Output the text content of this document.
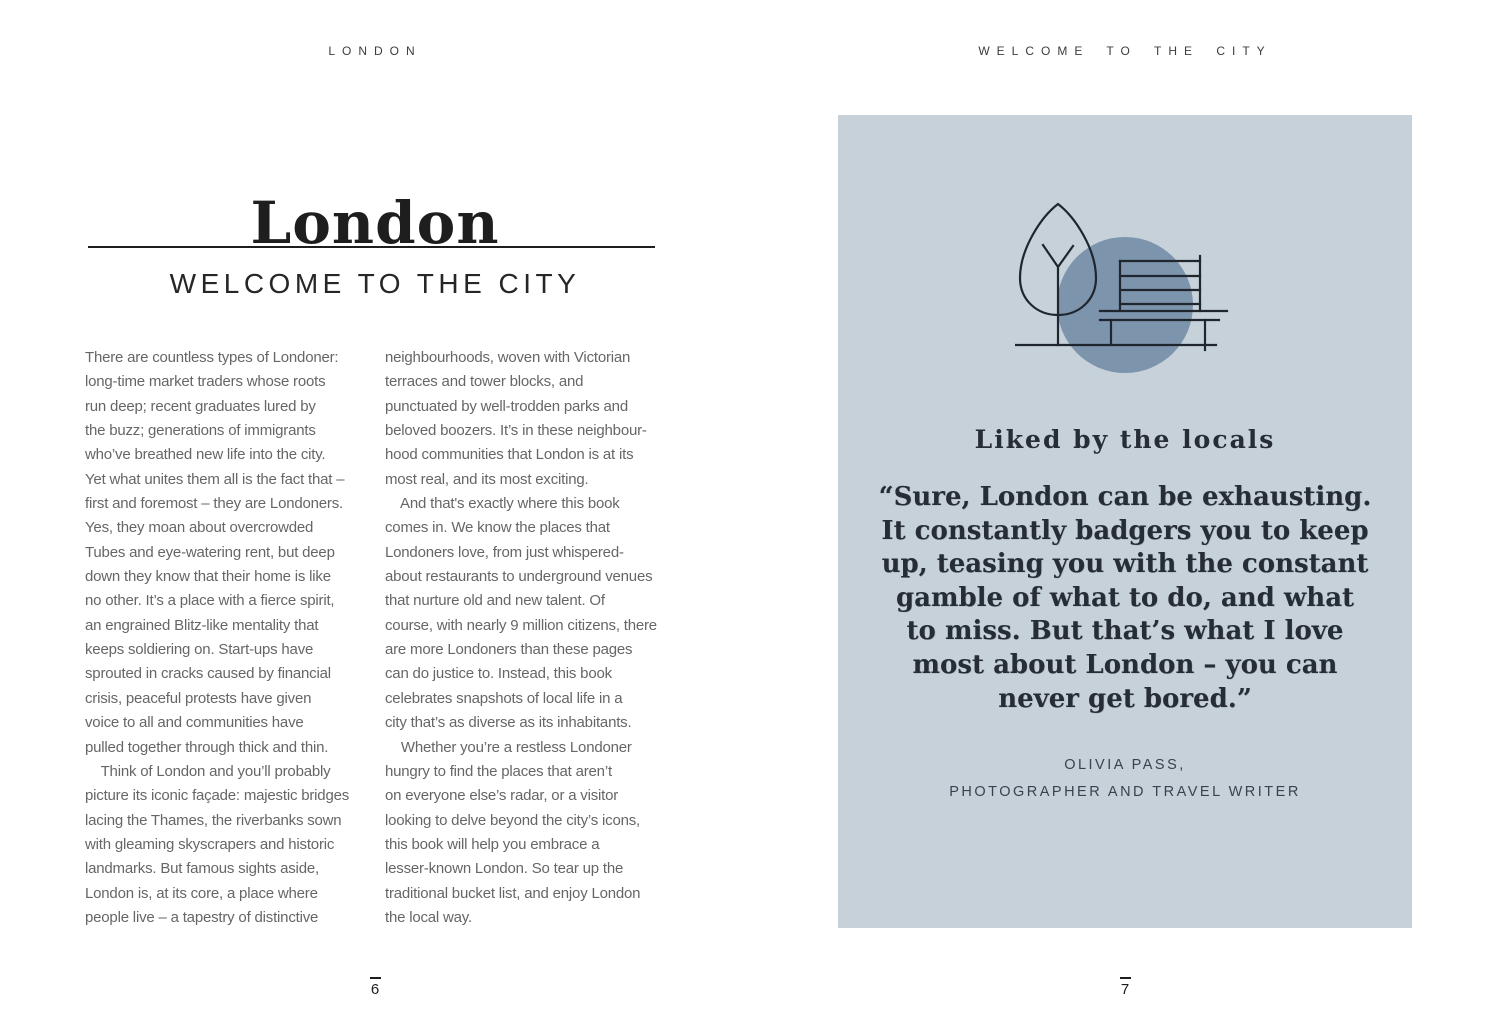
LONDON
London
WELCOME TO THE CITY
There are countless types of Londoner:
long-time market traders whose roots
run deep; recent graduates lured by
the buzz; generations of immigrants
who’ve breathed new life into the city.
Yet what unites them all is the fact that –
first and foremost – they are Londoners.
Yes, they moan about overcrowded
Tubes and eye-watering rent, but deep
down they know that their home is like
no other. It’s a place with a fierce spirit,
an engrained Blitz-like mentality that
keeps soldiering on. Start-ups have
sprouted in cracks caused by financial
crisis, peaceful protests have given
voice to all and communities have
pulled together through thick and thin.
Think of London and you’ll probably
picture its iconic façade: majestic bridges
lacing the Thames, the riverbanks sown
with gleaming skyscrapers and historic
landmarks. But famous sights aside,
London is, at its core, a place where
people live – a tapestry of distinctive
neighbourhoods, woven with Victorian
terraces and tower blocks, and
punctuated by well-trodden parks and
beloved boozers. It’s in these neighbour-
hood communities that London is at its
most real, and its most exciting.
And that's exactly where this book
comes in. We know the places that
Londoners love, from just whispered-
about restaurants to underground venues
that nurture old and new talent. Of
course, with nearly 9 million citizens, there
are more Londoners than these pages
can do justice to. Instead, this book
celebrates snapshots of local life in a
city that’s as diverse as its inhabitants.
Whether you’re a restless Londoner
hungry to find the places that aren’t
on everyone else’s radar, or a visitor
looking to delve beyond the city’s icons,
this book will help you embrace a
lesser-known London. So tear up the
traditional bucket list, and enjoy London
the local way.
6
WELCOME TO THE CITY
Liked by the locals
“Sure, London can be exhausting.
It constantly badgers you to keep
up, teasing you with the constant
gamble of what to do, and what
to miss. But that’s what I love
most about London – you can
never get bored.”
OLIVIA PASS,
PHOTOGRAPHER AND TRAVEL WRITER
7
